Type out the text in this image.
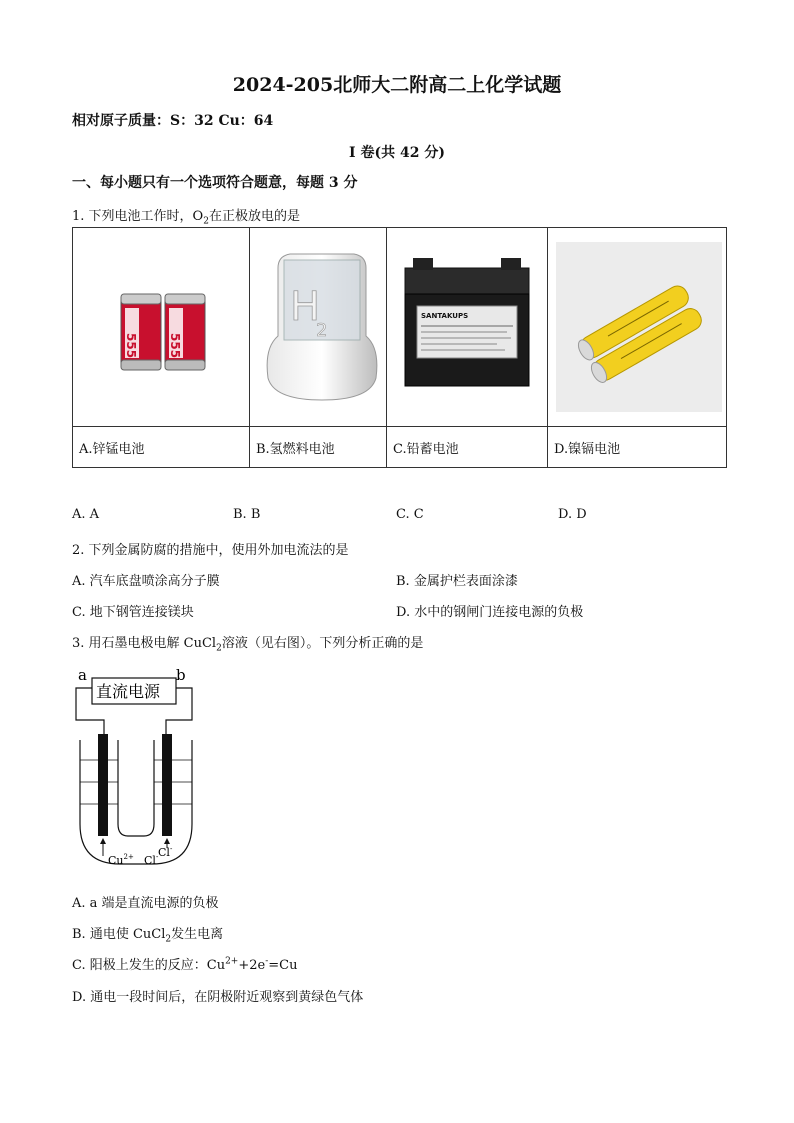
2024-205北师大二附高二上化学试题
相对原子质量：S：32 Cu：64
I 卷(共 42 分)
一、每小题只有一个选项符合题意，每题 3 分
1. 下列电池工作时，$O_2$在正极放电的是
555 555	H
2	SANTAKUPS

A.锌锰电池	B.氢燃料电池	C.铅蓄电池	D.镍镉电池
A. A	B. B	C. C	D. D
2. 下列金属防腐的措施中，使用外加电流法的是
A. 汽车底盘喷涂高分子膜	B. 金属护栏表面涂漆
C. 地下钢管连接镁块	D. 水中的钢闸门连接电源的负极
3. 用石墨电极电解 CuCl$_2$溶液（见右图）。下列分析正确的是
a	b
直流电源
$Cu^{2+}$ Cl- Cl-
A. a 端是直流电源的负极
B. 通电使 CuCl$_2$发生电离
C. 阳极上发生的反应：$Cu^{2+}+2e^-=Cu$
D. 通电一段时间后，在阴极附近观察到黄绿色气体
